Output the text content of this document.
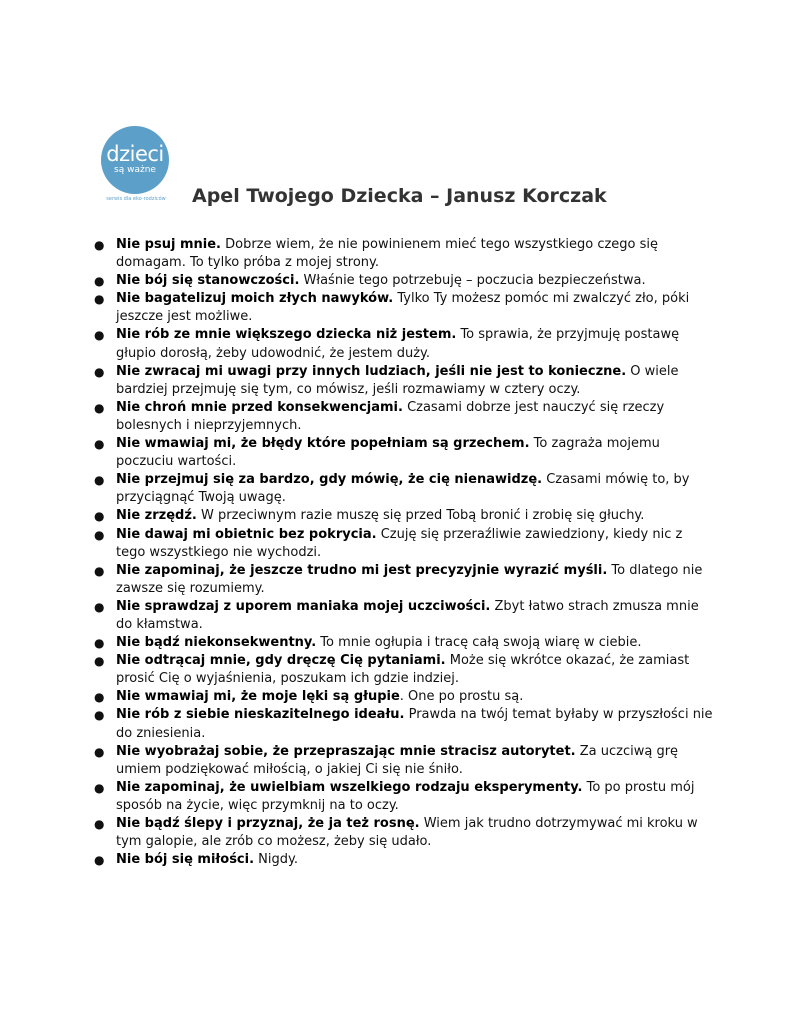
dzieci
są ważne
serwis dla eko-rodziców	Apel Twojego Dziecka – Janusz Korczak
● Nie psuj mnie. Dobrze wiem, że nie powinienem mieć tego wszystkiego czego się domagam. To tylko próba z mojej strony.
● Nie bój się stanowczości. Właśnie tego potrzebuję – poczucia bezpieczeństwa.
● Nie bagatelizuj moich złych nawyków. Tylko Ty możesz pomóc mi zwalczyć zło, póki jeszcze jest możliwe.
● Nie rób ze mnie większego dziecka niż jestem. To sprawia, że przyjmuję postawę głupio dorosłą, żeby udowodnić, że jestem duży.
● Nie zwracaj mi uwagi przy innych ludziach, jeśli nie jest to konieczne. O wiele bardziej przejmuję się tym, co mówisz, jeśli rozmawiamy w cztery oczy.
● Nie chroń mnie przed konsekwencjami. Czasami dobrze jest nauczyć się rzeczy bolesnych i nieprzyjemnych.
● Nie wmawiaj mi, że błędy które popełniam są grzechem. To zagraża mojemu poczuciu wartości.
● Nie przejmuj się za bardzo, gdy mówię, że cię nienawidzę. Czasami mówię to, by przyciągnąć Twoją uwagę.
● Nie zrzędź. W przeciwnym razie muszę się przed Tobą bronić i zrobię się głuchy.
● Nie dawaj mi obietnic bez pokrycia. Czuję się przeraźliwie zawiedziony, kiedy nic z tego wszystkiego nie wychodzi.
● Nie zapominaj, że jeszcze trudno mi jest precyzyjnie wyrazić myśli. To dlatego nie zawsze się rozumiemy.
● Nie sprawdzaj z uporem maniaka mojej uczciwości. Zbyt łatwo strach zmusza mnie do kłamstwa.
● Nie bądź niekonsekwentny. To mnie ogłupia i tracę całą swoją wiarę w ciebie.
● Nie odtrącaj mnie, gdy dręczę Cię pytaniami. Może się wkrótce okazać, że zamiast prosić Cię o wyjaśnienia, poszukam ich gdzie indziej.
● Nie wmawiaj mi, że moje lęki są głupie. One po prostu są.
● Nie rób z siebie nieskazitelnego ideału. Prawda na twój temat byłaby w przyszłości nie do zniesienia.
● Nie wyobrażaj sobie, że przepraszając mnie stracisz autorytet. Za uczciwą grę umiem podziękować miłością, o jakiej Ci się nie śniło.
● Nie zapominaj, że uwielbiam wszelkiego rodzaju eksperymenty. To po prostu mój sposób na życie, więc przymknij na to oczy.
● Nie bądź ślepy i przyznaj, że ja też rosnę. Wiem jak trudno dotrzymywać mi kroku w tym galopie, ale zrób co możesz, żeby się udało.
● Nie bój się miłości. Nigdy.
